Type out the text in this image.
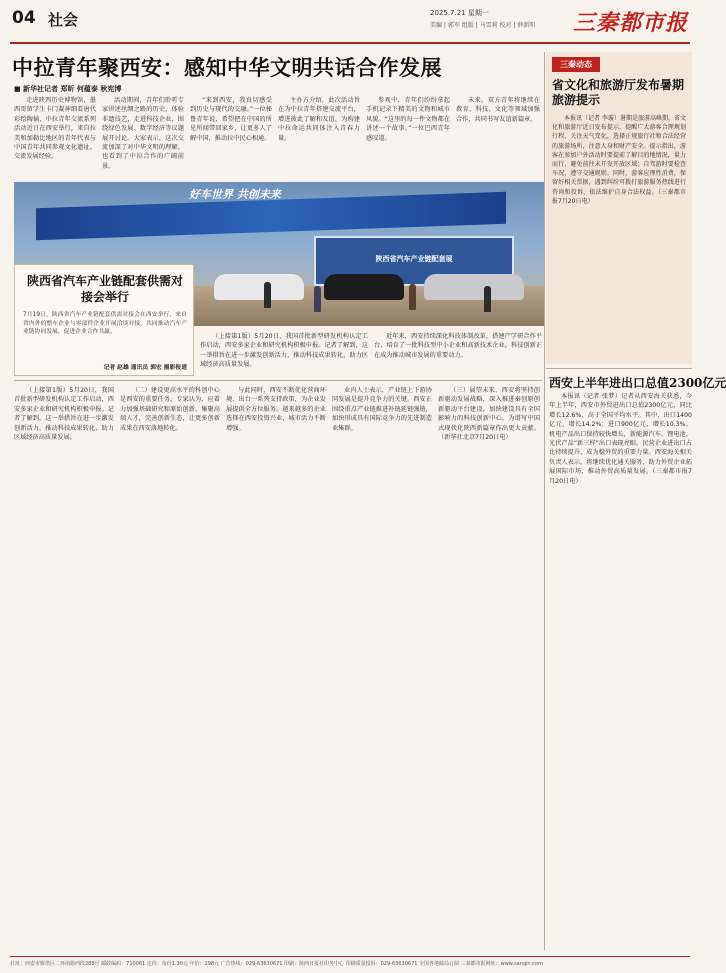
04 社会	2025.7.21 星期一
美编 | 郭军 组版 | 马雪莉 校对 | 薛新明 三秦都市报
中拉青年聚西安：感知中华文明共话合作发展
■ 新华社记者 郑昕 何蕴泰 秋宪博

走进陕西历史博物馆，墨西哥留学生卡门凝神细看唐代彩绘陶俑，中拉青年交流系列活动近日在西安举行，来自拉美和加勒比地区的青年代表与中国青年共同参观文化遗址、交流发展经验。

活动期间，青年们聆听专家讲述丝绸之路的历史，体验非遗技艺，走进科技企业，围绕绿色发展、数字经济等议题展开讨论。大家表示，这次交流加深了对中华文明的理解，也看到了中拉合作的广阔前景。

“来到西安，我真切感受到历史与现代的交融。”一位秘鲁青年说，希望把在中国的所见所闻带回家乡，让更多人了解中国，推动拉中民心相通。

主办方介绍，此次活动旨在为中拉青年搭建交流平台，增进彼此了解和友谊，为构建中拉命运共同体注入青春力量。

参观中，青年们纷纷拿起手机记录下精美的文物和城市风貌。“这里的每一件文物都在讲述一个故事。”一位巴西青年感叹道。

未来，双方青年将继续在教育、科技、文化等领域加强合作，共同书写友谊新篇章。

三秦动态
省文化和旅游厅发布暑期旅游提示

本报讯（记者 李璇）暑期是旅游高峰期，省文化和旅游厅近日发布提示，提醒广大游客合理规划行程，关注天气变化，选择正规旅行社和合法经营的旅游场所，注意人身和财产安全。提示指出，游客在参加户外活动时要提前了解目的地情况，量力而行，避免前往未开发开放区域；自驾游时要检查车况，遵守交通规则。同时，游客应理性消费，保留好相关票据，遇到纠纷可拨打旅游服务热线进行咨询和投诉，依法维护自身合法权益。（三秦都市报7月20日电）

西安上半年进出口总值2300亿元

本报讯（记者 张梦）记者从西安海关获悉，今年上半年，西安市外贸进出口总值2300亿元，同比增长12.6%，高于全国平均水平。其中，出口1400亿元，增长14.2%；进口900亿元，增长10.3%。机电产品出口保持较快增长，新能源汽车、锂电池、光伏产品“新三样”出口表现亮眼。民营企业进出口占比持续提升，成为稳外贸的重要力量。西安海关相关负责人表示，将继续优化通关服务，助力外贸企业拓展国际市场，推动外贸高质量发展。（三秦都市报7月20日电）

好车世界 共创未来
陕西省汽车产业链配套展
陕西省汽车产业链配套供需对接会举行
7月19日，陕西省汽车产业链配套供需对接会在西安举行，来自省内外的整车企业与零部件企业开展洽谈对接，共同推动汽车产业链协同发展，促进企业合作共赢。
记者 赵雄 通讯员 郭宏 摄影报道

（上接第1版）5月20日，我国首批新型研发机构认定工作启动，西安多家企业和研究机构积极申报。记者了解到，这一举措旨在进一步激发创新活力，推动科技成果转化，助力区域经济高质量发展。

近年来，西安持续深化科技体制改革，搭建产学研合作平台，培育了一批科技型中小企业和高新技术企业。科技创新正在成为推动城市发展的重要动力。

（上接第1版）5月20日，我国首批新型研发机构认定工作启动，西安多家企业和研究机构积极申报。记者了解到，这一举措旨在进一步激发创新活力，推动科技成果转化，助力区域经济高质量发展。

（二）建设更高水平的科创中心是西安的重要任务。专家认为，应着力加强基础研究和原始创新，集聚高端人才，完善创新生态，让更多创新成果在西安落地转化。

与此同时，西安不断优化营商环境，出台一系列支持政策，为企业发展提供全方位服务。越来越多的企业选择在西安投资兴业，城市活力不断增强。

业内人士表示，产业链上下游协同发展是提升竞争力的关键。西安正围绕重点产业链推进补链延链强链，加快形成具有国际竞争力的先进制造业集群。

（三）展望未来，西安将坚持创新驱动发展战略，深入推进秦创原创新驱动平台建设，加快建设具有全国影响力的科技创新中心，为谱写中国式现代化陕西新篇章作出更大贡献。（新华社北京7月20日电）

社址：西安市雁塔区二环南路西段288号 邮政编码：710061 定价：每份1.30元 年价：298元 广告热线：029-63630671 印刷：陕西日报社印务中心 印刷质量投诉：029-63630671 全国各地邮局订阅 三秦都市报网址：www.sanqin.com
